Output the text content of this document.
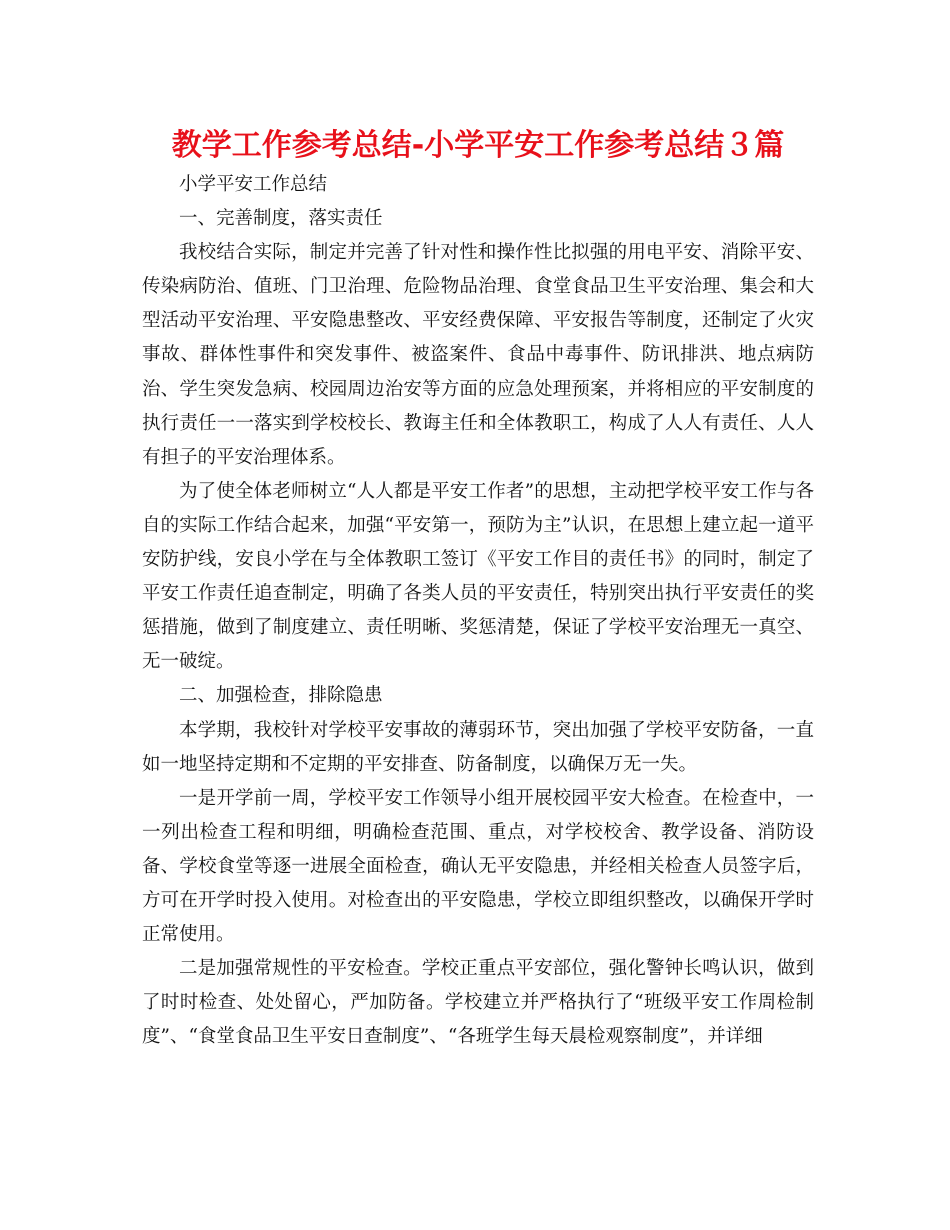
教学工作参考总结-小学平安工作参考总结３篇
小学平安工作总结
一、完善制度，落实责任
我校结合实际，制定并完善了针对性和操作性比拟强的用电平安、消除平安、传染病防治、值班、门卫治理、危险物品治理、食堂食品卫生平安治理、集会和大型活动平安治理、平安隐患整改、平安经费保障、平安报告等制度，还制定了火灾事故、群体性事件和突发事件、被盗案件、食品中毒事件、防讯排洪、地点病防治、学生突发急病、校园周边治安等方面的应急处理预案，并将相应的平安制度的执行责任一一落实到学校校长、教诲主任和全体教职工，构成了人人有责任、人人有担子的平安治理体系。
为了使全体老师树立“人人都是平安工作者”的思想，主动把学校平安工作与各自的实际工作结合起来，加强“平安第一，预防为主”认识，在思想上建立起一道平安防护线，安良小学在与全体教职工签订《平安工作目的责任书》的同时，制定了平安工作责任追查制定，明确了各类人员的平安责任，特别突出执行平安责任的奖惩措施，做到了制度建立、责任明晰、奖惩清楚，保证了学校平安治理无一真空、无一破绽。
二、加强检查，排除隐患
本学期，我校针对学校平安事故的薄弱环节，突出加强了学校平安防备，一直如一地坚持定期和不定期的平安排查、防备制度，以确保万无一失。
一是开学前一周，学校平安工作领导小组开展校园平安大检查。在检查中，一一列出检查工程和明细，明确检查范围、重点，对学校校舍、教学设备、消防设备、学校食堂等逐一进展全面检查，确认无平安隐患，并经相关检查人员签字后，方可在开学时投入使用。对检查出的平安隐患，学校立即组织整改，以确保开学时正常使用。
二是加强常规性的平安检查。学校正重点平安部位，强化警钟长鸣认识，做到了时时检查、处处留心，严加防备。学校建立并严格执行了“班级平安工作周检制度”、“食堂食品卫生平安日查制度”、“各班学生每天晨检观察制度”，并详细
